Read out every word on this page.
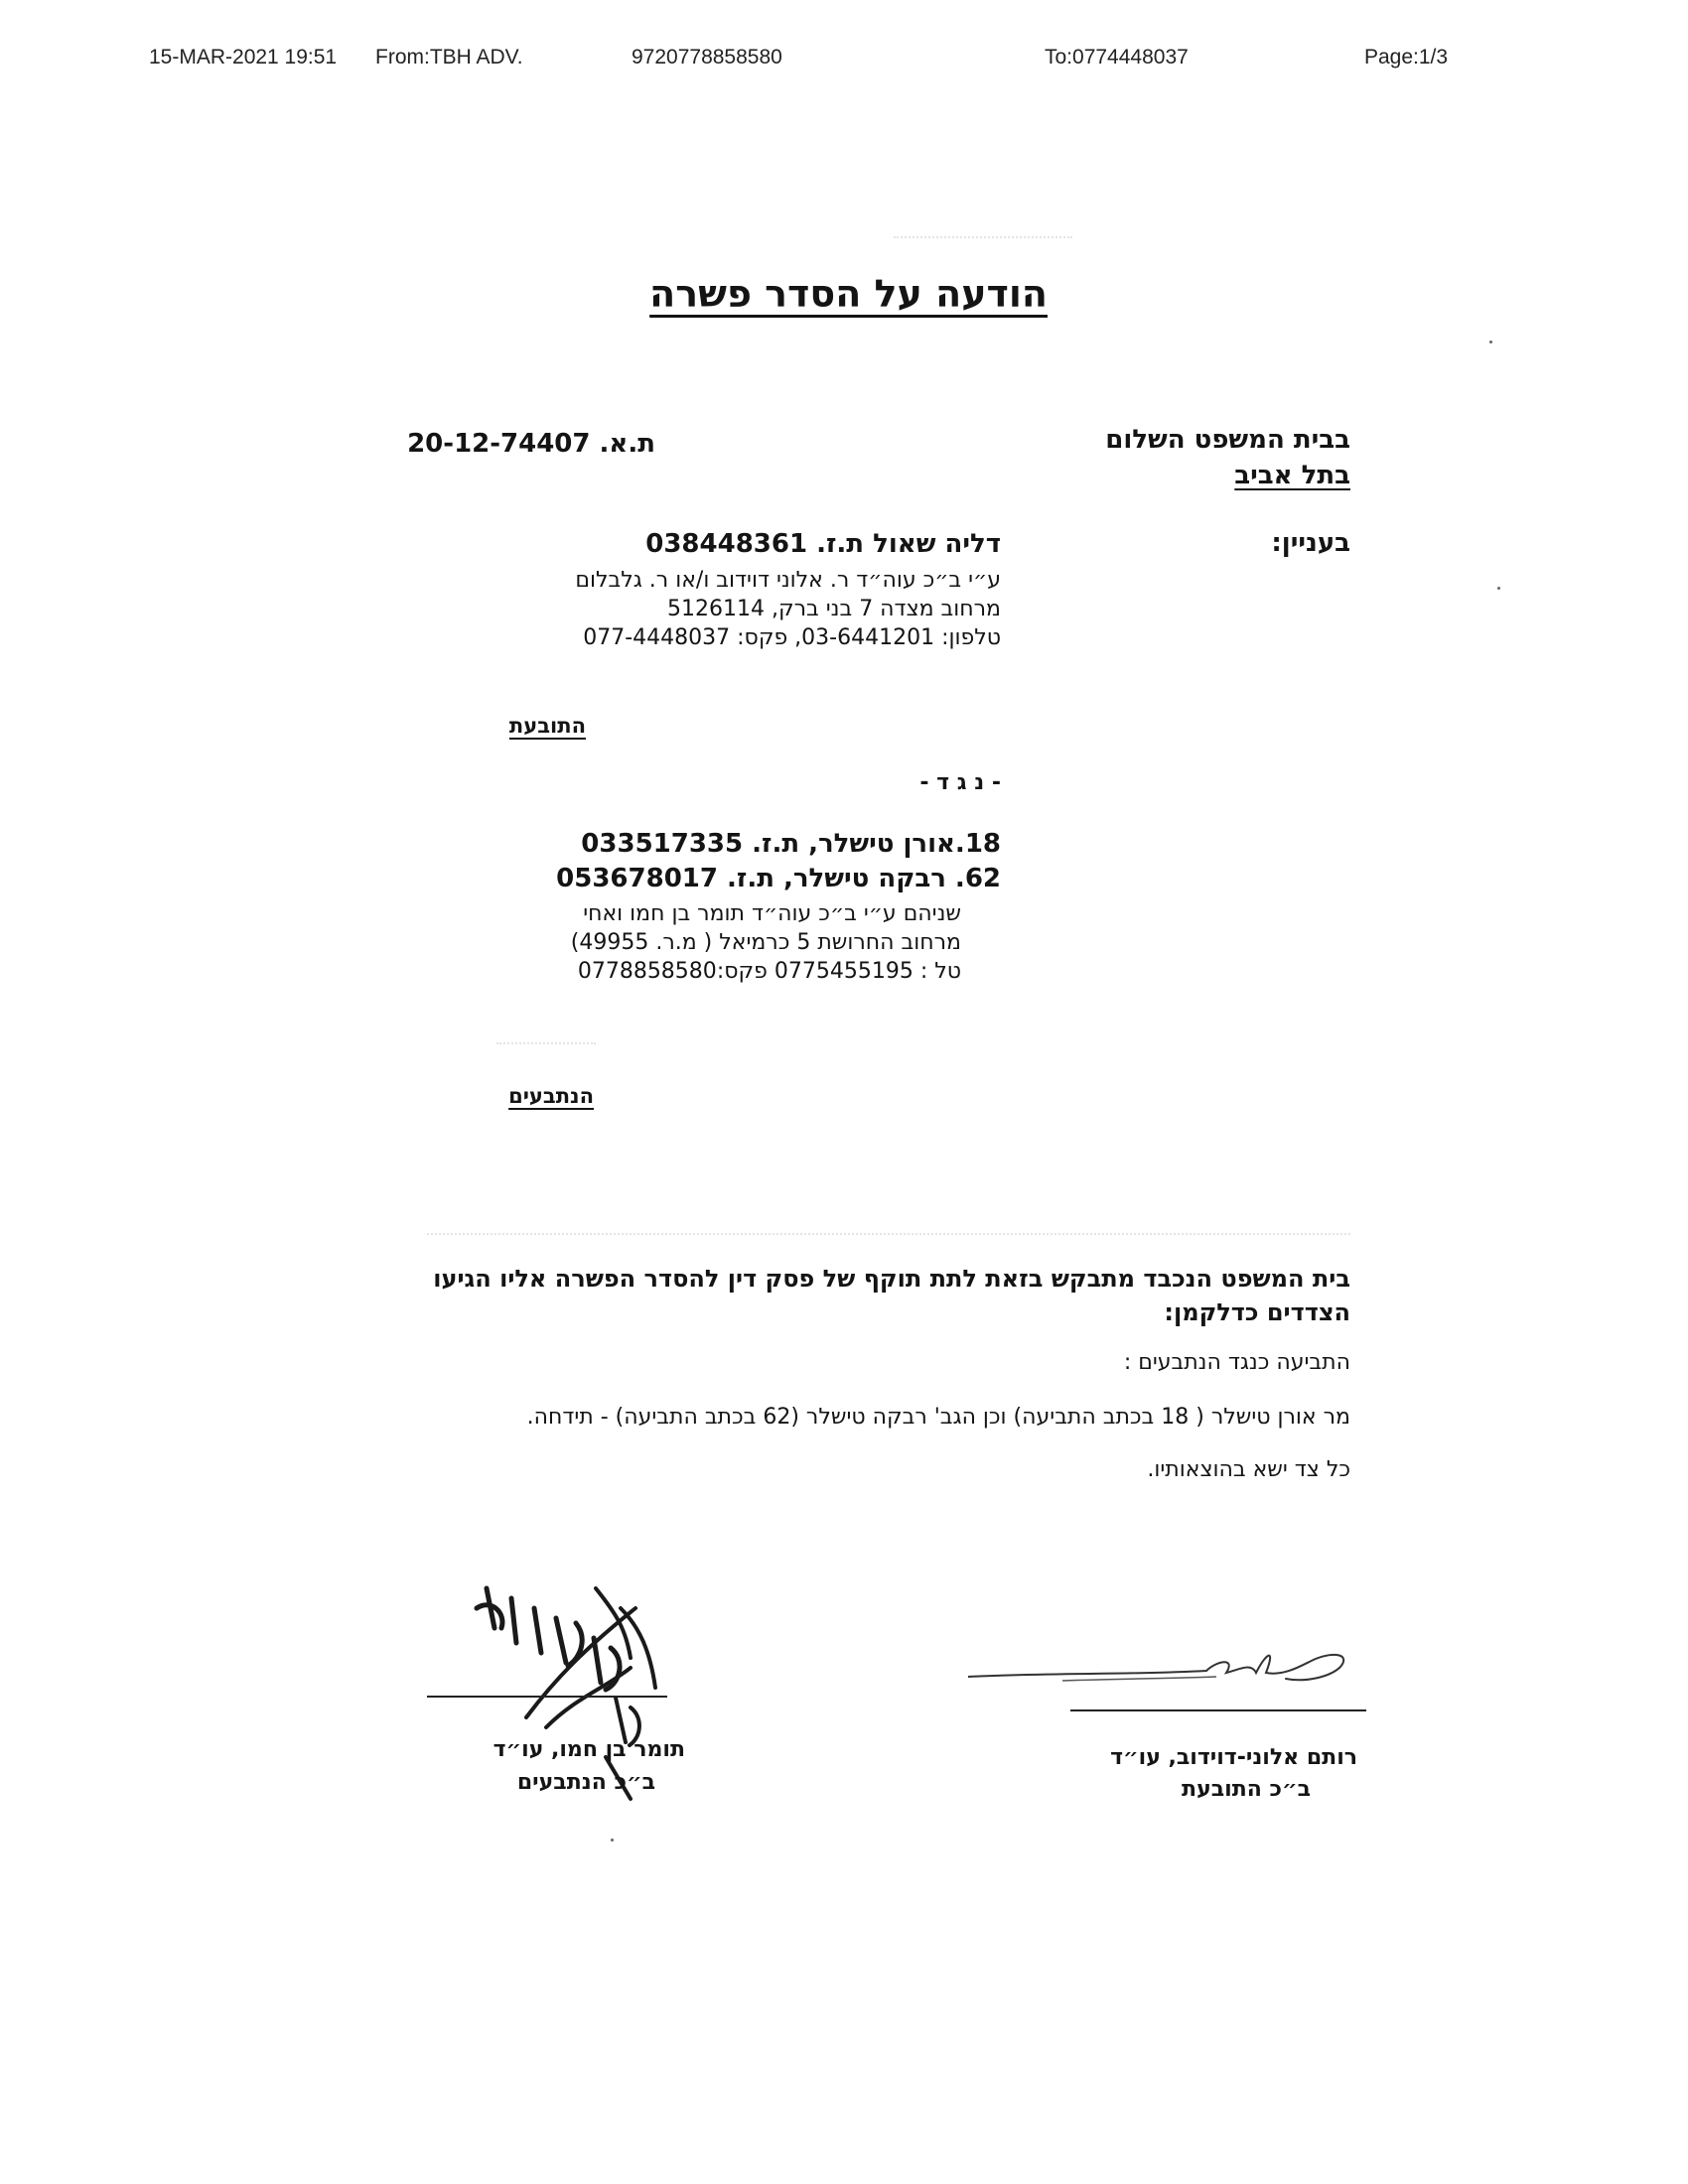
15-MAR-2021 19:51 From:TBH ADV.	9720778858580	To:0774448037	Page:1/3
הודעה על הסדר פשרה
בבית המשפט השלום
בתל אביב
ת.א. 20-12-74407
בעניין:
דליה שאול ת.ז. 038448361
ע״י ב״כ עוה״ד ר. אלוני דוידוב ו/או ר. גלבלום
מרחוב מצדה 7 בני ברק, 5126114
טלפון: 03-6441201, פקס: 077-4448037
התובעת
- נ ג ד -
18.אורן טישלר, ת.ז. 033517335
62. רבקה טישלר, ת.ז. 053678017
שניהם ע״י ב״כ עוה״ד תומר בן חמו ואחי
מרחוב החרושת 5 כרמיאל ( מ.ר. 49955)
טל : 0775455195 פקס:0778858580
הנתבעים
בית המשפט הנכבד מתבקש בזאת לתת תוקף של פסק דין להסדר הפשרה אליו הגיעו
הצדדים כדלקמן:
התביעה כנגד הנתבעים :
מר אורן טישלר ( 18 בכתב התביעה) וכן הגב' רבקה טישלר (62 בכתב התביעה) - תידחה.
כל צד ישא בהוצאותיו.
תומר בן חמו, עו״ד
ב״כ הנתבעים
רותם אלוני-דוידוב, עו״ד
ב״כ התובעת
